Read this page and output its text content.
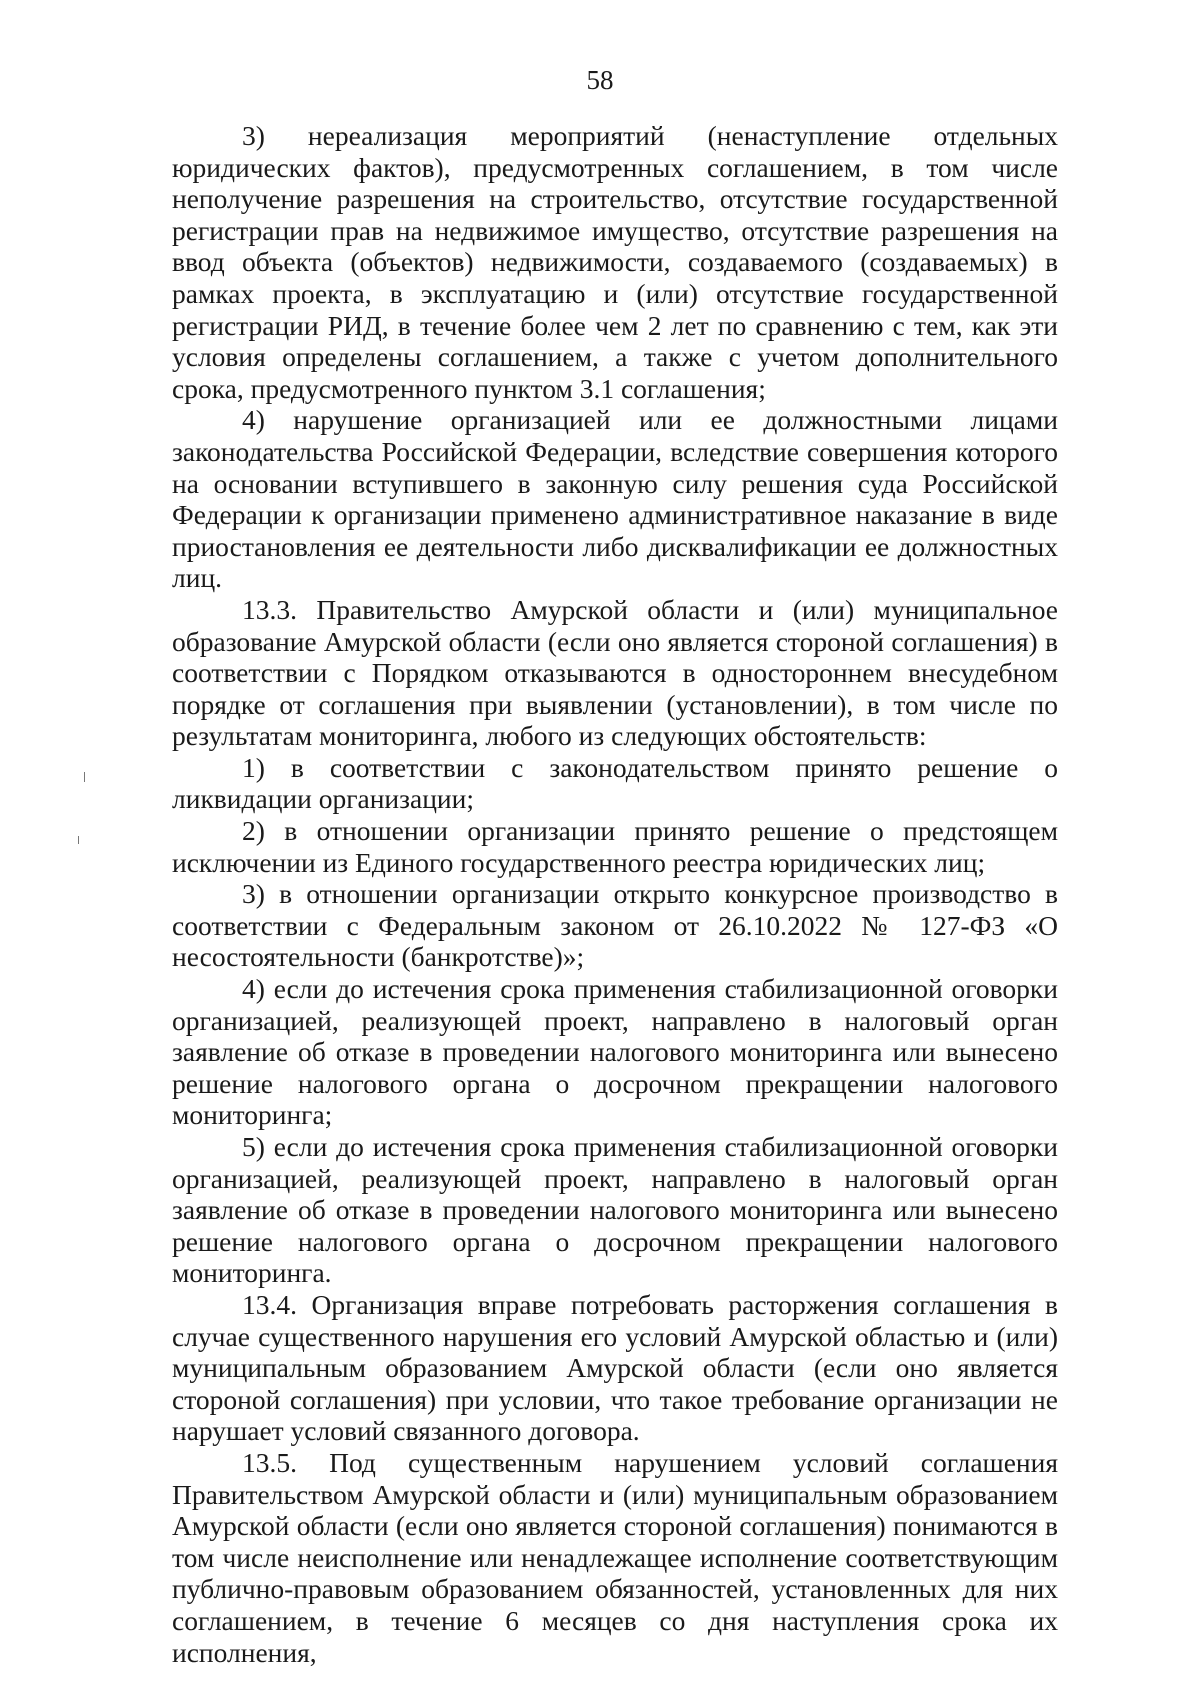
58

3) нереализация мероприятий (ненаступление отдельных юридических фактов), предусмотренных соглашением, в том числе неполучение разрешения на строительство, отсутствие государственной регистрации прав на недвижимое имущество, отсутствие разрешения на ввод объекта (объектов) недвижимости, создаваемого (создаваемых) в рамках проекта, в эксплуатацию и (или) отсутствие государственной регистрации РИД, в течение более чем 2 лет по сравнению с тем, как эти условия определены соглашением, а также с учетом дополнительного срока, предусмотренного пунктом 3.1 соглашения;

4) нарушение организацией или ее должностными лицами законодательства Российской Федерации, вследствие совершения которого на основании вступившего в законную силу решения суда Российской Федерации к организации применено административное наказание в виде приостановления ее деятельности либо дисквалификации ее должностных лиц.

13.3. Правительство Амурской области и (или) муниципальное образование Амурской области (если оно является стороной соглашения) в соответствии с Порядком отказываются в одностороннем внесудебном порядке от соглашения при выявлении (установлении), в том числе по результатам мониторинга, любого из следующих обстоятельств:

1) в соответствии с законодательством принято решение о ликвидации организации;

2) в отношении организации принято решение о предстоящем исключении из Единого государственного реестра юридических лиц;

3) в отношении организации открыто конкурсное производство в соответствии с Федеральным законом от 26.10.2022 № 127-ФЗ «О несостоятельности (банкротстве)»;

4) если до истечения срока применения стабилизационной оговорки организацией, реализующей проект, направлено в налоговый орган заявление об отказе в проведении налогового мониторинга или вынесено решение налогового органа о досрочном прекращении налогового мониторинга;

5) если до истечения срока применения стабилизационной оговорки организацией, реализующей проект, направлено в налоговый орган заявление об отказе в проведении налогового мониторинга или вынесено решение налогового органа о досрочном прекращении налогового мониторинга.

13.4. Организация вправе потребовать расторжения соглашения в случае существенного нарушения его условий Амурской областью и (или) муниципальным образованием Амурской области (если оно является стороной соглашения) при условии, что такое требование организации не нарушает условий связанного договора.

13.5. Под существенным нарушением условий соглашения Правительством Амурской области и (или) муниципальным образованием Амурской области (если оно является стороной соглашения) понимаются в том числе неисполнение или ненадлежащее исполнение соответствующим публично-правовым образованием обязанностей, установленных для них соглашением, в течение 6 месяцев со дня наступления срока их исполнения,
